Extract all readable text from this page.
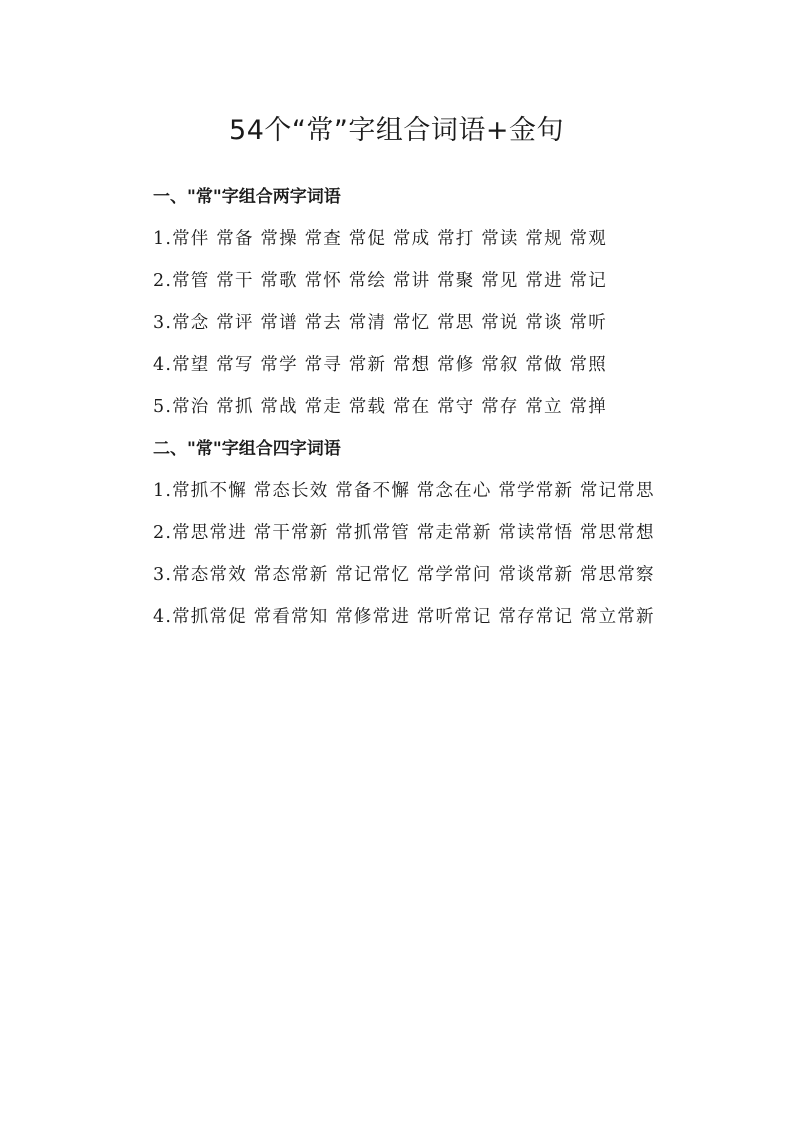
54个“常”字组合词语+金句

一、"常"字组合两字词语

1.常伴 常备 常操 常查 常促 常成 常打 常读 常规 常观

2.常管 常干 常歌 常怀 常绘 常讲 常聚 常见 常进 常记

3.常念 常评 常谱 常去 常清 常忆 常思 常说 常谈 常听

4.常望 常写 常学 常寻 常新 常想 常修 常叙 常做 常照

5.常治 常抓 常战 常走 常载 常在 常守 常存 常立 常掸

二、"常"字组合四字词语

1.常抓不懈 常态长效 常备不懈 常念在心 常学常新 常记常思

2.常思常进 常干常新 常抓常管 常走常新 常读常悟 常思常想

3.常态常效 常态常新 常记常忆 常学常问 常谈常新 常思常察

4.常抓常促 常看常知 常修常进 常听常记 常存常记 常立常新
